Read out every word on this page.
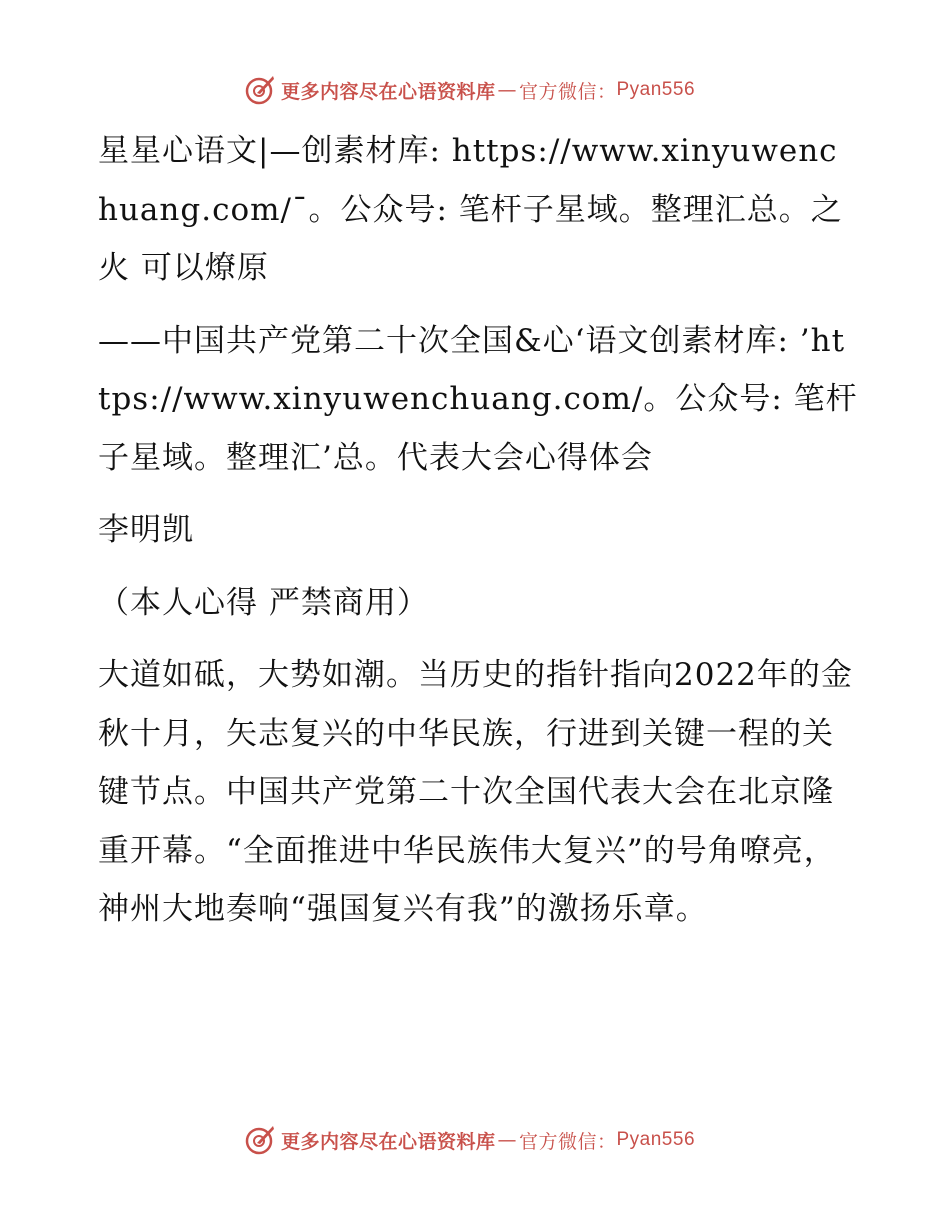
更多内容尽在心语资料库 — 官方微信： Pyan556

星星心语文|—创素材库: https://www.xinyuwenchuang.com/¯。公众号: 笔杆子星域。整理汇总。之火 可以燎原

——中国共产党第二十次全国&心‘语文创素材库: ’https://www.xinyuwenchuang.com/。公众号: 笔杆子星域。整理汇’总。代表大会心得体会

李明凯

（本人心得 严禁商用）

大道如砥，大势如潮。当历史的指针指向2022年的金秋十月，矢志复兴的中华民族，行进到关键一程的关键节点。中国共产党第二十次全国代表大会在北京隆重开幕。“全面推进中华民族伟大复兴”的号角嘹亮，神州大地奏响“强国复兴有我”的激扬乐章。

更多内容尽在心语资料库 — 官方微信： Pyan556
